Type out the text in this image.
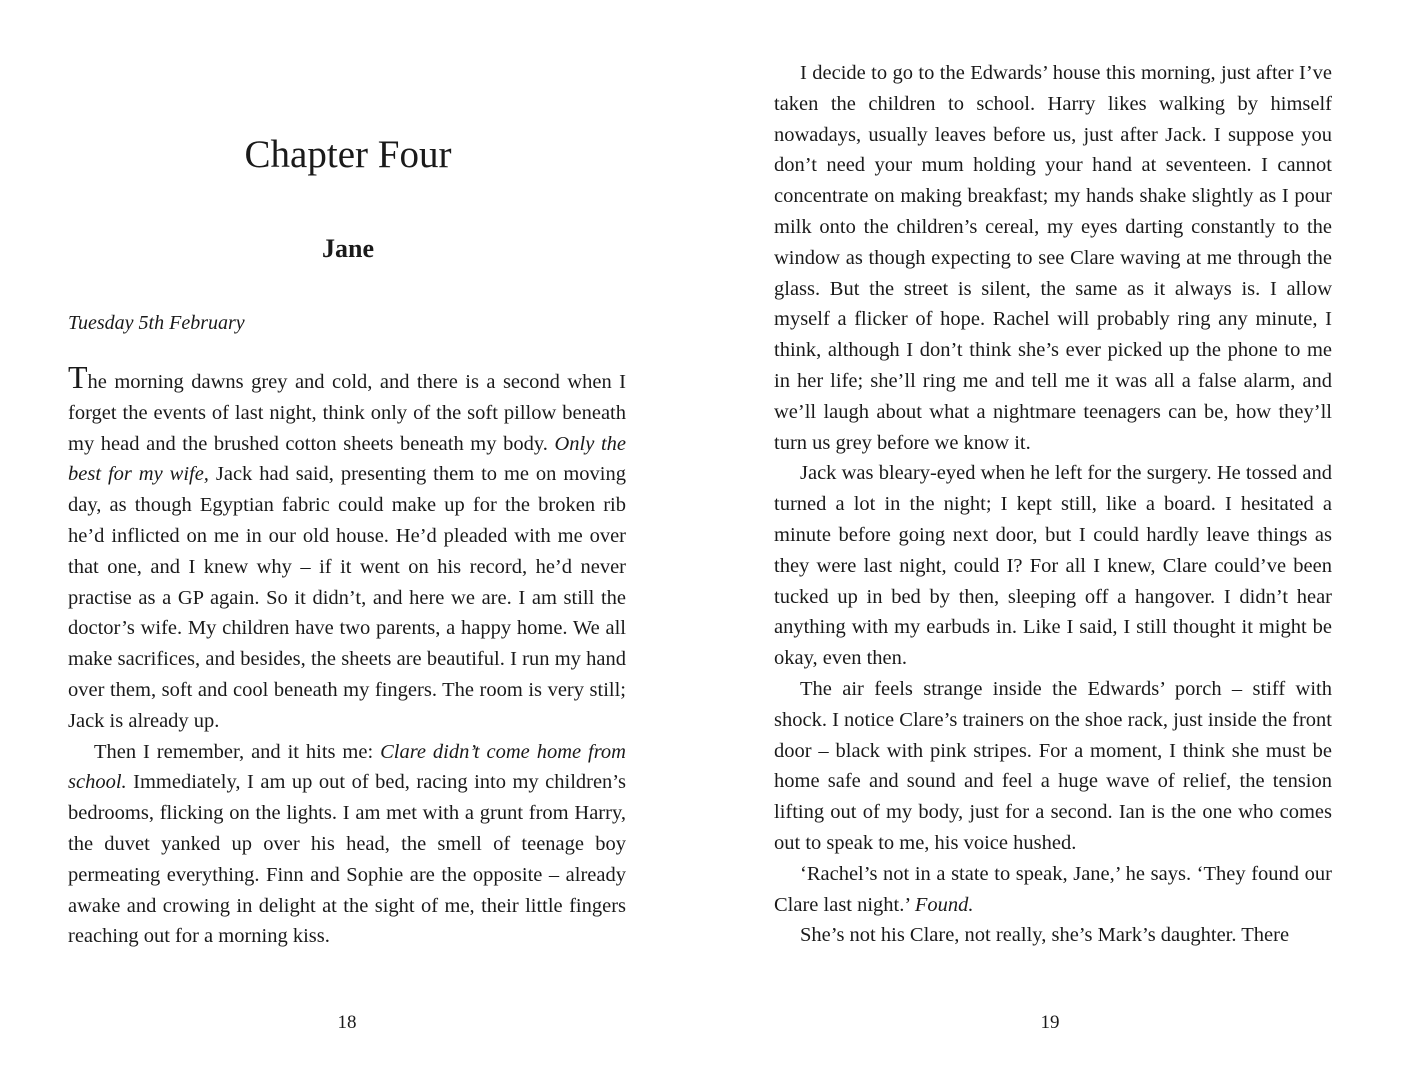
Chapter Four
Jane

Tuesday 5th February

The morning dawns grey and cold, and there is a second when I forget the events of last night, think only of the soft pillow beneath my head and the brushed cotton sheets beneath my body. Only the best for my wife, Jack had said, presenting them to me on moving day, as though Egyptian fabric could make up for the broken rib he’d inflicted on me in our old house. He’d pleaded with me over that one, and I knew why – if it went on his record, he’d never practise as a GP again. So it didn’t, and here we are. I am still the doctor’s wife. My children have two parents, a happy home. We all make sacrifices, and besides, the sheets are beautiful. I run my hand over them, soft and cool beneath my fingers. The room is very still; Jack is already up.

Then I remember, and it hits me: Clare didn’t come home from school. Immediately, I am up out of bed, racing into my children’s bedrooms, flicking on the lights. I am met with a grunt from Harry, the duvet yanked up over his head, the smell of teenage boy permeating everything. Finn and Sophie are the opposite – already awake and crowing in delight at the sight of me, their little fingers reaching out for a morning kiss.

18

I decide to go to the Edwards’ house this morning, just after I’ve taken the children to school. Harry likes walking by himself nowadays, usually leaves before us, just after Jack. I suppose you don’t need your mum holding your hand at seventeen. I cannot concentrate on making breakfast; my hands shake slightly as I pour milk onto the children’s cereal, my eyes darting constantly to the window as though expecting to see Clare waving at me through the glass. But the street is silent, the same as it always is. I allow myself a flicker of hope. Rachel will probably ring any minute, I think, although I don’t think she’s ever picked up the phone to me in her life; she’ll ring me and tell me it was all a false alarm, and we’ll laugh about what a nightmare teenagers can be, how they’ll turn us grey before we know it.

Jack was bleary-eyed when he left for the surgery. He tossed and turned a lot in the night; I kept still, like a board. I hesitated a minute before going next door, but I could hardly leave things as they were last night, could I? For all I knew, Clare could’ve been tucked up in bed by then, sleeping off a hangover. I didn’t hear anything with my earbuds in. Like I said, I still thought it might be okay, even then.

The air feels strange inside the Edwards’ porch – stiff with shock. I notice Clare’s trainers on the shoe rack, just inside the front door – black with pink stripes. For a moment, I think she must be home safe and sound and feel a huge wave of relief, the tension lifting out of my body, just for a second. Ian is the one who comes out to speak to me, his voice hushed.

‘Rachel’s not in a state to speak, Jane,’ he says. ‘They found our Clare last night.’ Found.

She’s not his Clare, not really, she’s Mark’s daughter. There

19
